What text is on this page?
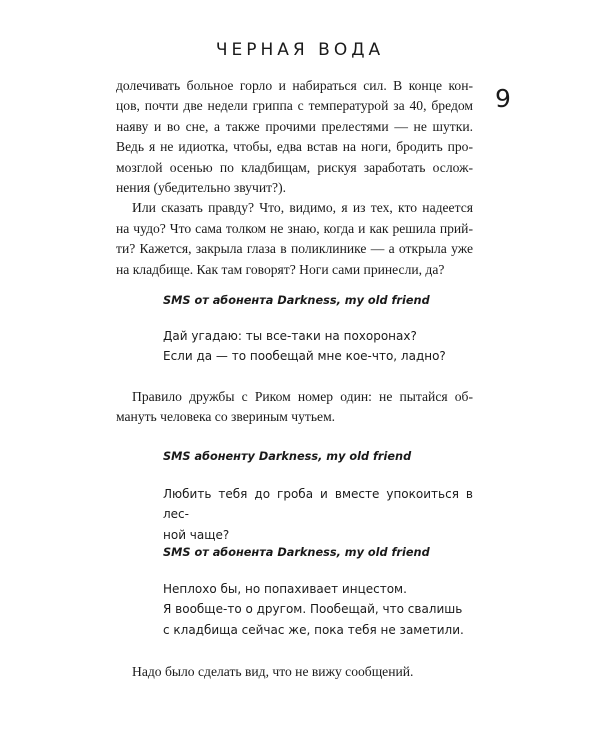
ЧЕРНАЯ ВОДА
9

долечивать больное горло и набираться сил. В конце кон-
цов, почти две недели гриппа с температурой за 40, бредом
наяву и во сне, а также прочими прелестями — не шутки.
Ведь я не идиотка, чтобы, едва встав на ноги, бродить про-
мозглой осенью по кладбищам, рискуя заработать ослож-
нения (убедительно звучит?).

Или сказать правду? Что, видимо, я из тех, кто надеется
на чудо? Что сама толком не знаю, когда и как решила прий-
ти? Кажется, закрыла глаза в поликлинике — а открыла уже
на кладбище. Как там говорят? Ноги сами принесли, да?

SMS от абонента Darkness, my old friend
Дай угадаю: ты все-таки на похоронах?
Если да — то пообещай мне кое-что, ладно?
Правило дружбы с Риком номер один: не пытайся об-
мануть человека со звериным чутьем.
SMS абоненту Darkness, my old friend
Любить тебя до гроба и вместе упокоиться в лес-
ной чаще?
SMS от абонента Darkness, my old friend
Неплохо бы, но попахивает инцестом.
Я вообще-то о другом. Пообещай, что свалишь
с кладбища сейчас же, пока тебя не заметили.
Надо было сделать вид, что не вижу сообщений.
